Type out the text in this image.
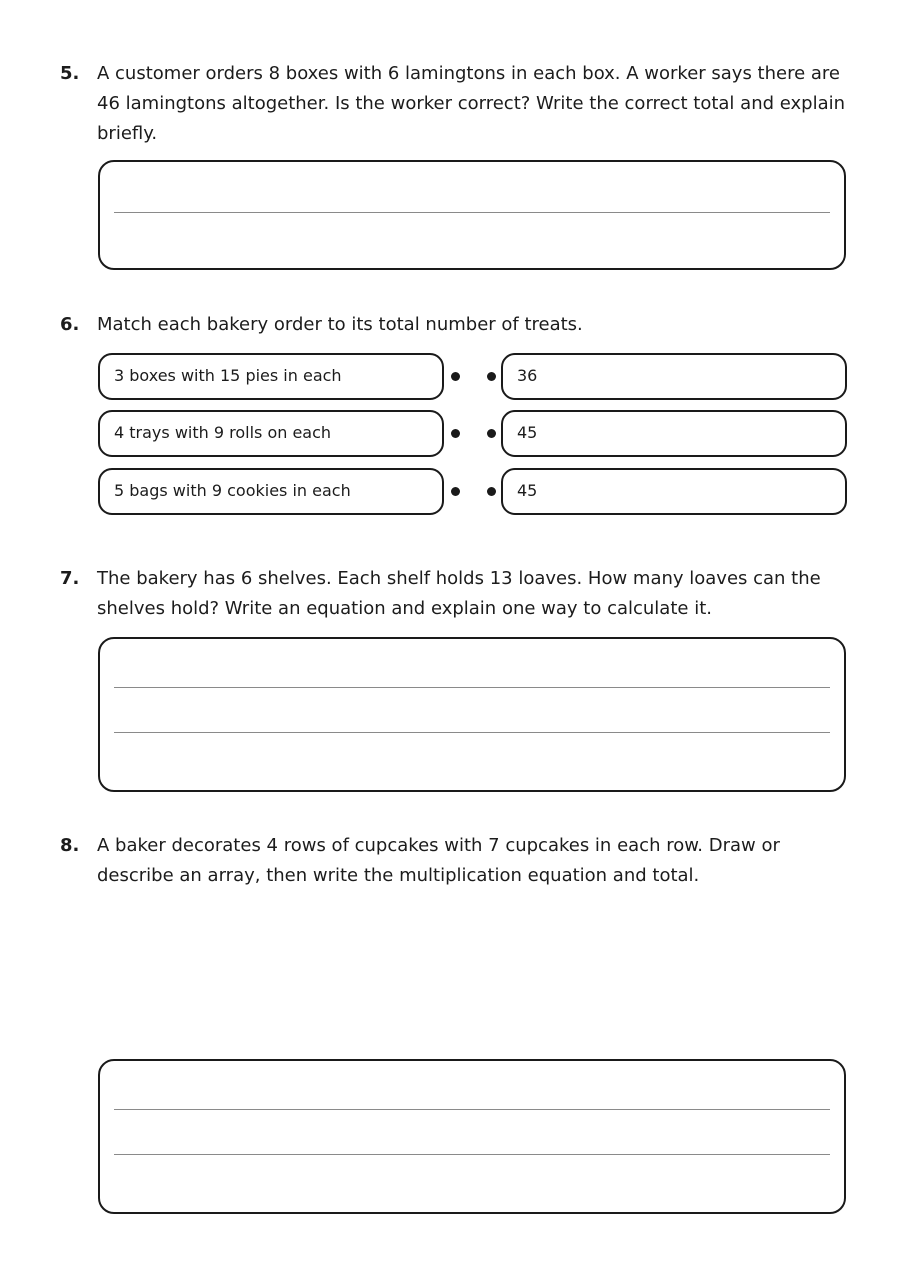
5. A customer orders 8 boxes with 6 lamingtons in each box. A worker says there are 46 lamingtons altogether. Is the worker correct? Write the correct total and explain briefly.
6. Match each bakery order to its total number of treats.
3 boxes with 15 pies in each	36
4 trays with 9 rolls on each	45
5 bags with 9 cookies in each	45
7. The bakery has 6 shelves. Each shelf holds 13 loaves. How many loaves can the shelves hold? Write an equation and explain one way to calculate it.
8. A baker decorates 4 rows of cupcakes with 7 cupcakes in each row. Draw or describe an array, then write the multiplication equation and total.
